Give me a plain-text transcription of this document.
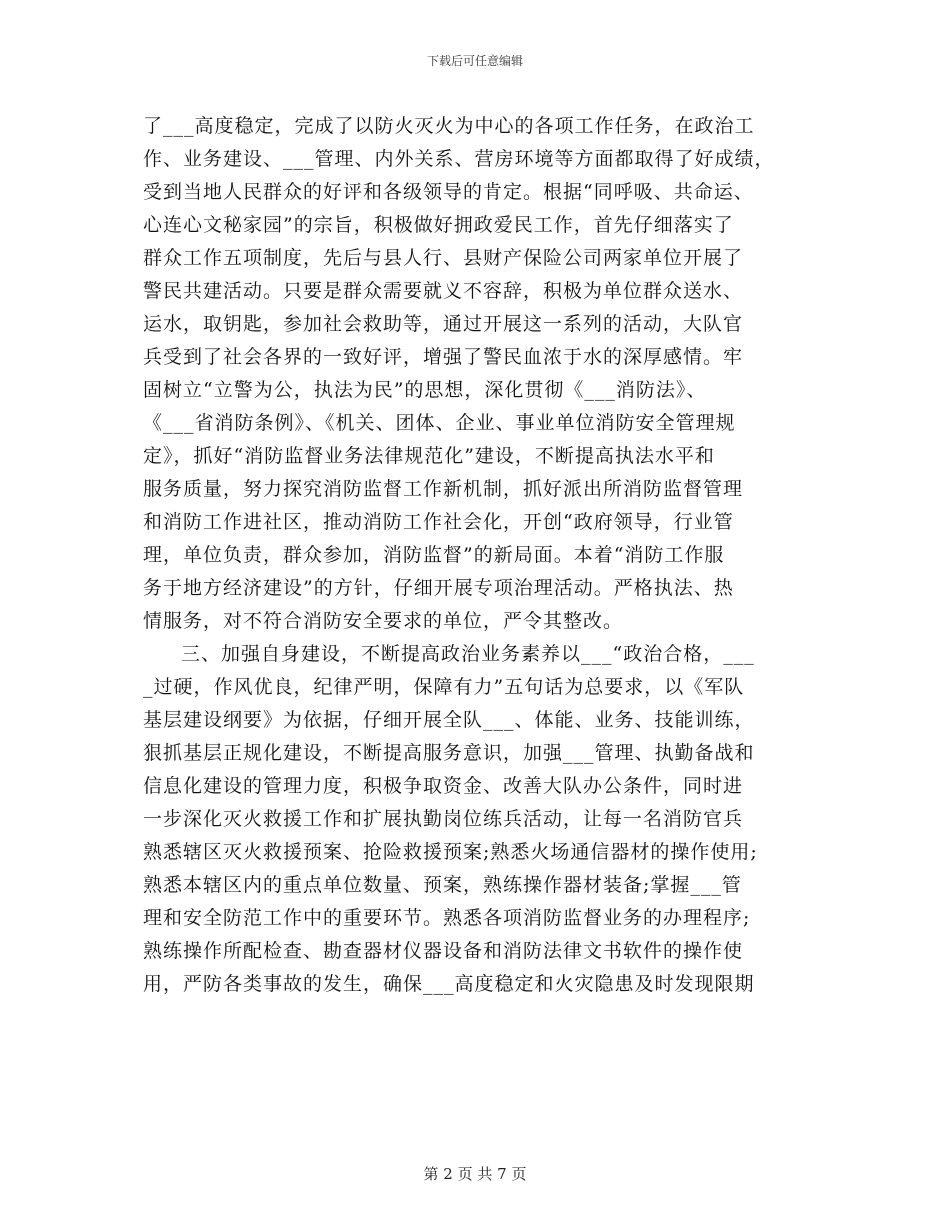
下载后可任意编辑
了___高度稳定，完成了以防火灭火为中心的各项工作任务，在政治工
作、业务建设、___管理、内外关系、营房环境等方面都取得了好成绩，
受到当地人民群众的好评和各级领导的肯定。根据“同呼吸、共命运、
心连心文秘家园”的宗旨，积极做好拥政爱民工作，首先仔细落实了
群众工作五项制度，先后与县人行、县财产保险公司两家单位开展了
警民共建活动。只要是群众需要就义不容辞，积极为单位群众送水、
运水，取钥匙，参加社会救助等，通过开展这一系列的活动，大队官
兵受到了社会各界的一致好评，增强了警民血浓于水的深厚感情。牢
固树立“立警为公，执法为民”的思想，深化贯彻《___消防法》、
《___省消防条例》、《机关、团体、企业、事业单位消防安全管理规
定》，抓好“消防监督业务法律规范化”建设，不断提高执法水平和
服务质量，努力探究消防监督工作新机制，抓好派出所消防监督管理
和消防工作进社区，推动消防工作社会化，开创“政府领导，行业管
理，单位负责，群众参加，消防监督”的新局面。本着“消防工作服
务于地方经济建设”的方针，仔细开展专项治理活动。严格执法、热
情服务，对不符合消防安全要求的单位，严令其整改。
三、加强自身建设，不断提高政治业务素养以___“政治合格，___
_过硬，作风优良，纪律严明，保障有力”五句话为总要求，以《军队
基层建设纲要》为依据，仔细开展全队___、体能、业务、技能训练，
狠抓基层正规化建设，不断提高服务意识，加强___管理、执勤备战和
信息化建设的管理力度，积极争取资金、改善大队办公条件，同时进
一步深化灭火救援工作和扩展执勤岗位练兵活动，让每一名消防官兵
熟悉辖区灭火救援预案、抢险救援预案;熟悉火场通信器材的操作使用;
熟悉本辖区内的重点单位数量、预案，熟练操作器材装备;掌握___管
理和安全防范工作中的重要环节。熟悉各项消防监督业务的办理程序;
熟练操作所配检查、勘查器材仪器设备和消防法律文书软件的操作使
用，严防各类事故的发生，确保___高度稳定和火灾隐患及时发现限期
第 2 页 共 7 页
